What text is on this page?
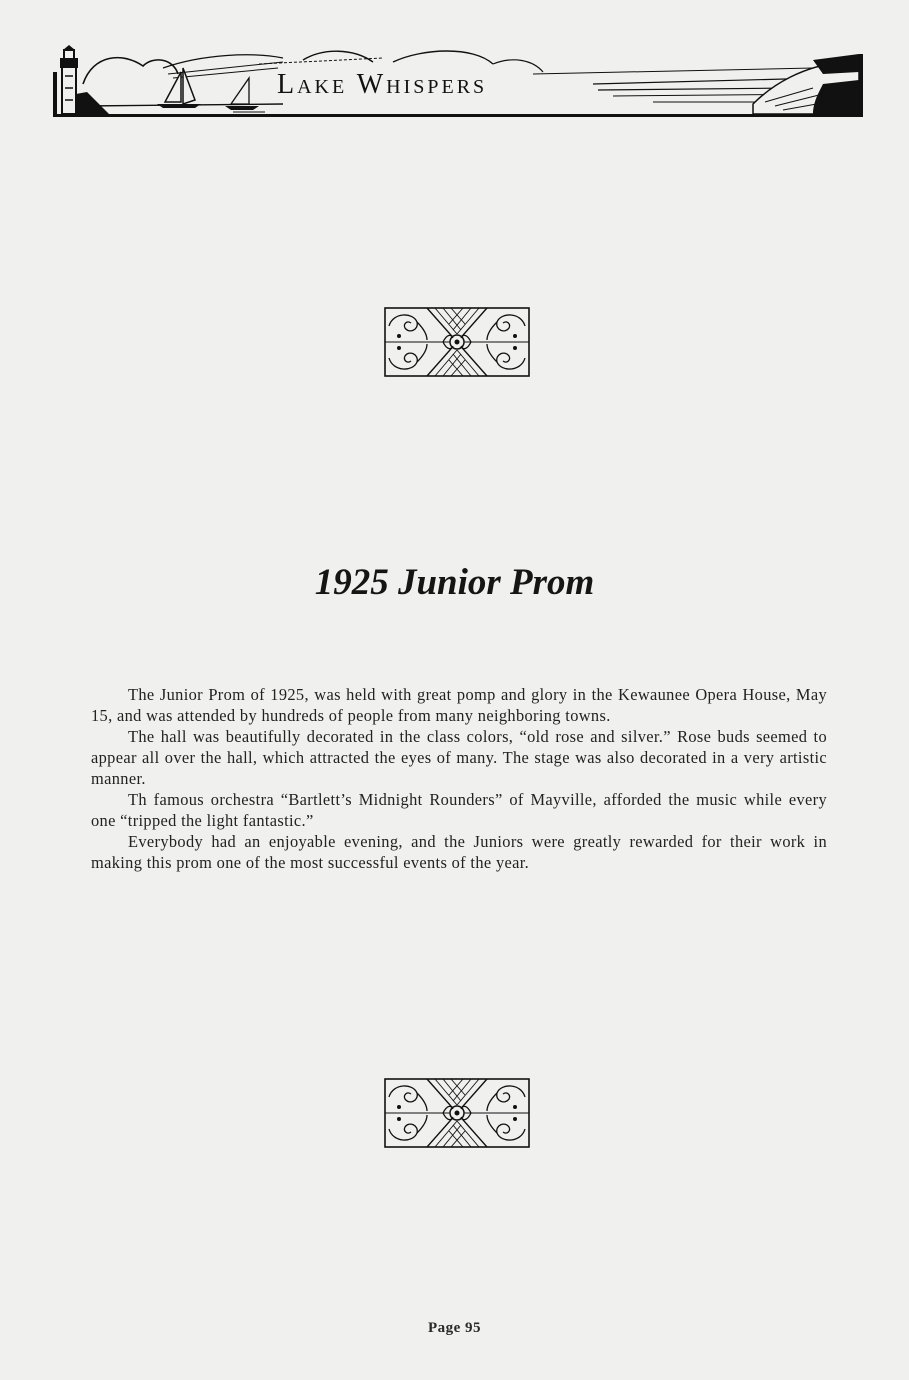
Lake Whispers
1925 Junior Prom

The Junior Prom of 1925, was held with great pomp and glory in the Kewaunee Opera House, May 15, and was attended by hundreds of people from many neighboring towns.

The hall was beautifully decorated in the class colors, “old rose and silver.” Rose buds seemed to appear all over the hall, which attracted the eyes of many. The stage was also decorated in a very artistic manner.

Th famous orchestra “Bartlett’s Midnight Rounders” of Mayville, afforded the music while every one “tripped the light fantastic.”

Everybody had an enjoyable evening, and the Juniors were greatly rewarded for their work in making this prom one of the most successful events of the year.

Page 95
